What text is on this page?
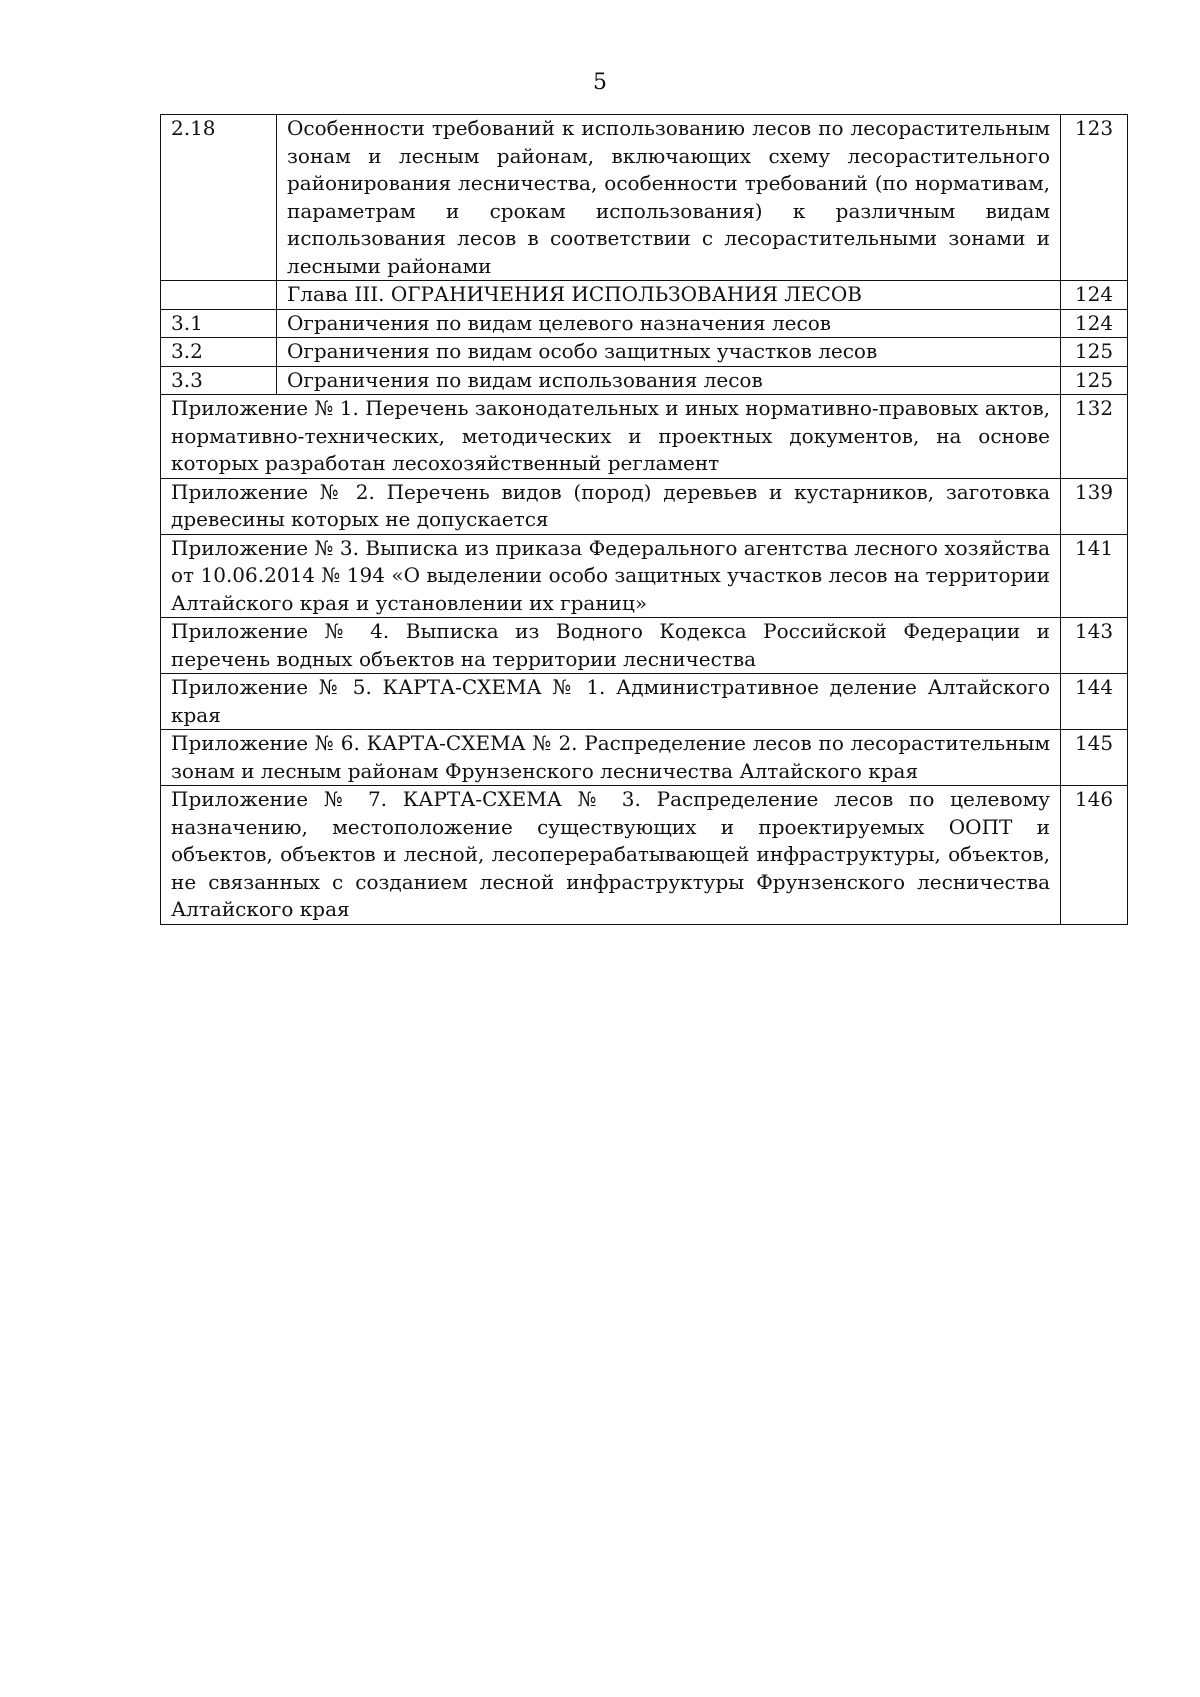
5
2.18	Особенности требований к использованию лесов по лесорастительным зонам и лесным районам, включающих схему лесорастительного районирования лесничества, особенности требований (по нормативам, параметрам и срокам использования) к различным видам использования лесов в соответствии с лесорастительными зонами и лесными районами	123
	Глава III. ОГРАНИЧЕНИЯ ИСПОЛЬЗОВАНИЯ ЛЕСОВ	124
3.1	Ограничения по видам целевого назначения лесов	124
3.2	Ограничения по видам особо защитных участков лесов	125
3.3	Ограничения по видам использования лесов	125
Приложение № 1. Перечень законодательных и иных нормативно-правовых актов, нормативно-технических, методических и проектных документов, на основе которых разработан лесохозяйственный регламент		132
Приложение № 2. Перечень видов (пород) деревьев и кустарников, заготовка древесины которых не допускается		139
Приложение № 3. Выписка из приказа Федерального агентства лесного хозяйства от 10.06.2014 № 194 «О выделении особо защитных участков лесов на территории Алтайского края и установлении их границ»		141
Приложение № 4. Выписка из Водного Кодекса Российской Федерации и перечень водных объектов на территории лесничества		143
Приложение № 5. КАРТА-СХЕМА № 1. Административное деление Алтайского края		144
Приложение № 6. КАРТА-СХЕМА № 2. Распределение лесов по лесорастительным зонам и лесным районам Фрунзенского лесничества Алтайского края		145
Приложение № 7. КАРТА-СХЕМА № 3. Распределение лесов по целевому назначению, местоположение существующих и проектируемых ООПТ и объектов, объектов и лесной, лесоперерабатывающей инфраструктуры, объектов, не связанных с созданием лесной инфраструктуры Фрунзенского лесничества Алтайского края		146
